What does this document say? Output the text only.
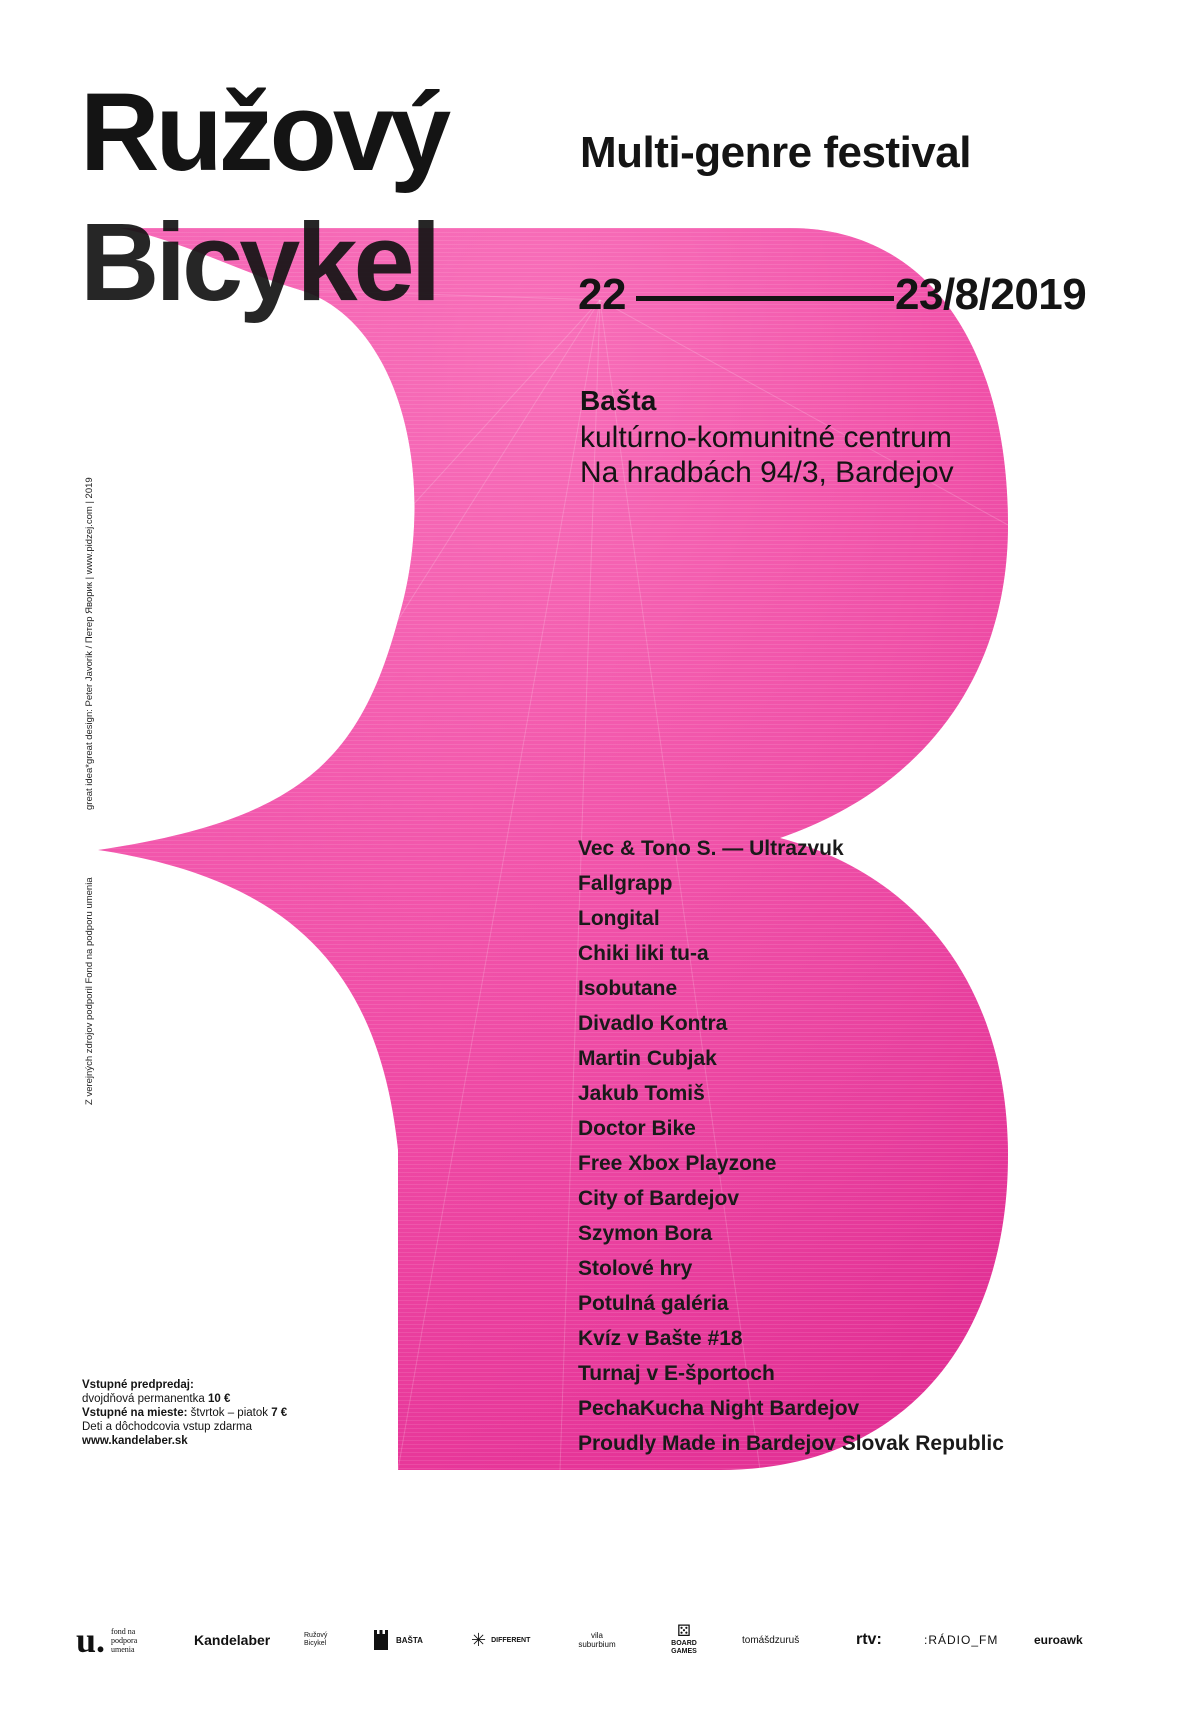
Ružový
Bicykel
Multi-genre festival
22	23/8/2019
Bašta
kultúrno-komunitné centrum
Na hradbách 94/3, Bardejov
Vec & Tono S. — Ultrazvuk
Fallgrapp
Longital
Chiki liki tu-a
Isobutane
Divadlo Kontra
Martin Cubjak
Jakub Tomiš
Doctor Bike
Free Xbox Playzone
City of Bardejov
Szymon Bora
Stolové hry
Potulná galéria
Kvíz v Bašte #18
Turnaj v E-športoch
PechaKucha Night Bardejov
Proudly Made in Bardejov Slovak Republic
great idea*great design: Peter Javorik / Петер Яворик | www.pidzej.com | 2019
Z verejných zdrojov podporil Fond na podporu umenia
Vstupné predpredaj:
dvojdňová permanentka 10 €
Vstupné na mieste: štvrtok – piatok 7 €
Deti a dôchodcovia vstup zdarma
www.kandelaber.sk
u. fond na podpora umenia
Kandelaber	Ružový Bicykel	BAŠTA	✳ DIFFERENT	vila suburbium
⚄
BOARD GAMES
tomášdzuruš	rtv:	:RÁDIO_FM	euroawk
